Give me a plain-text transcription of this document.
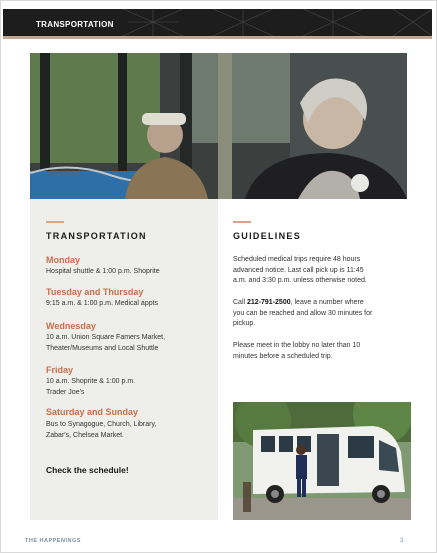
TRANSPORTATION
TRANSPORTATION
Monday
Hospital shuttle & 1:00 p.m. Shoprite
Tuesday and Thursday
9:15 a.m. & 1:00 p.m. Medical appts
Wednesday
10 a.m. Union Square Famers Market,
Theater/Museums and Local Shuttle
Friday
10 a.m. Shoprite & 1:00 p.m.
Trader Joe's
Saturday and Sunday
Bus to Synagogue, Church, Library,
Zabar's, Chelsea Market.
Check the schedule!
GUIDELINES
Scheduled medical trips require 48 hours
advanced notice. Last call pick up is 11:45
a.m. and 3:30 p.m. unless otherwise noted.
Call 212-791-2500, leave a number where
you can be reached and allow 30 minutes for
pickup.
Please meet in the lobby no later than 10
minutes before a scheduled trip.
THE HAPPENINGS	3
